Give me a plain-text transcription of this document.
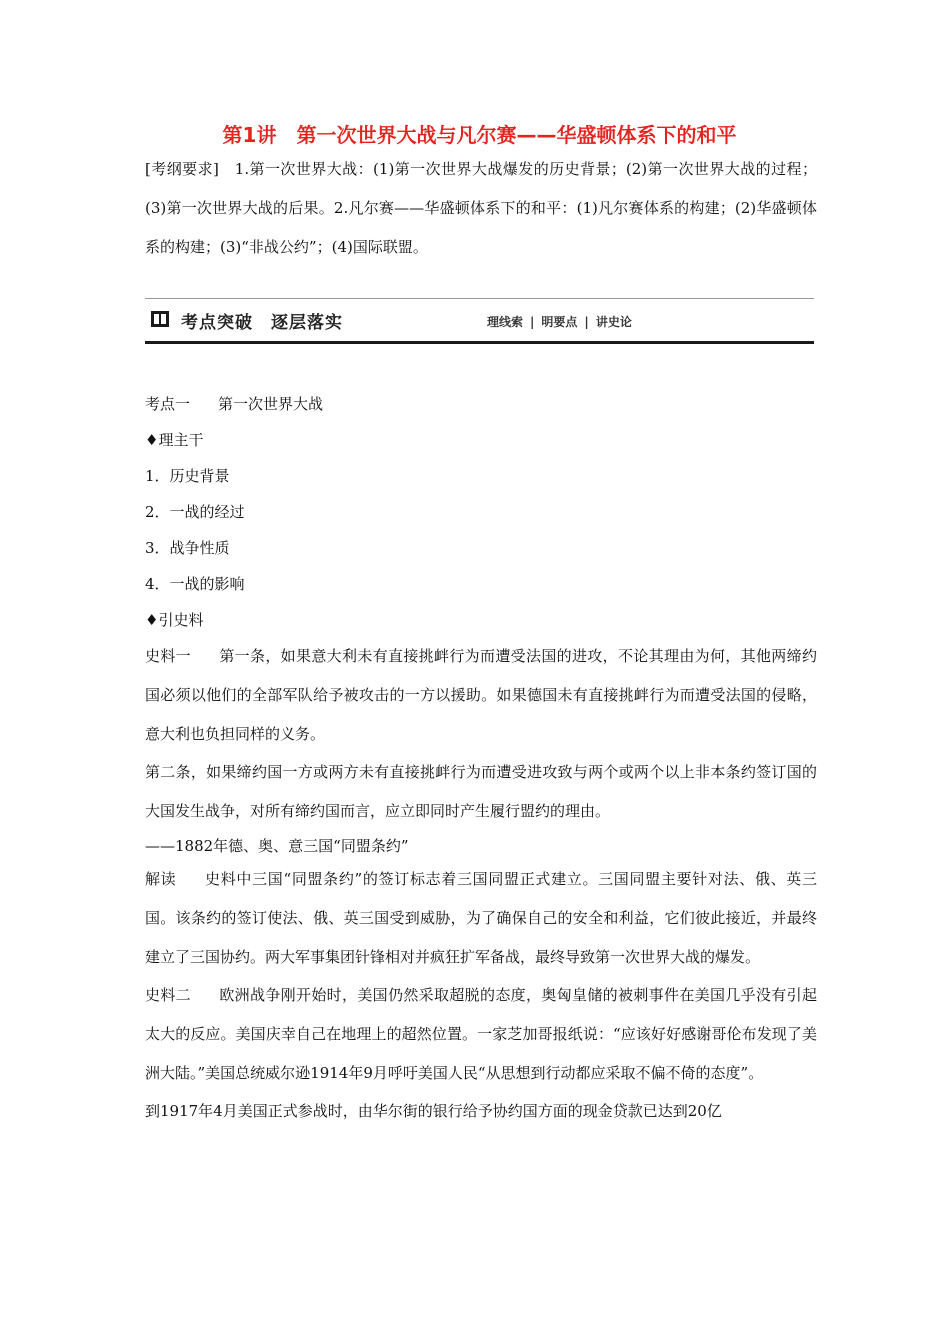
第1讲　第一次世界大战与凡尔赛——华盛顿体系下的和平
[考纲要求]　1.第一次世界大战：(1)第一次世界大战爆发的历史背景；(2)第一次世界大战的过程；(3)第一次世界大战的后果。2.凡尔赛——华盛顿体系下的和平：(1)凡尔赛体系的构建；(2)华盛顿体系的构建；(3)“非战公约”；(4)国际联盟。
考点突破 逐层落实	理线索 | 明要点 | 讲史论
考点一 第一次世界大战
♦理主干
1．历史背景
2．一战的经过
3．战争性质
4．一战的影响
♦引史料
史料一 第一条，如果意大利未有直接挑衅行为而遭受法国的进攻，不论其理由为何，其他两缔约国必须以他们的全部军队给予被攻击的一方以援助。如果德国未有直接挑衅行为而遭受法国的侵略，意大利也负担同样的义务。
第二条，如果缔约国一方或两方未有直接挑衅行为而遭受进攻致与两个或两个以上非本条约签订国的大国发生战争，对所有缔约国而言，应立即同时产生履行盟约的理由。
——1882年德、奥、意三国“同盟条约”
解读 史料中三国“同盟条约”的签订标志着三国同盟正式建立。三国同盟主要针对法、俄、英三国。该条约的签订使法、俄、英三国受到威胁，为了确保自己的安全和利益，它们彼此接近，并最终建立了三国协约。两大军事集团针锋相对并疯狂扩军备战，最终导致第一次世界大战的爆发。
史料二 欧洲战争刚开始时，美国仍然采取超脱的态度，奥匈皇储的被刺事件在美国几乎没有引起太大的反应。美国庆幸自己在地理上的超然位置。一家芝加哥报纸说：“应该好好感谢哥伦布发现了美洲大陆。”美国总统威尔逊1914年9月呼吁美国人民“从思想到行动都应采取不偏不倚的态度”。
到1917年4月美国正式参战时，由华尔街的银行给予协约国方面的现金贷款已达到20亿
